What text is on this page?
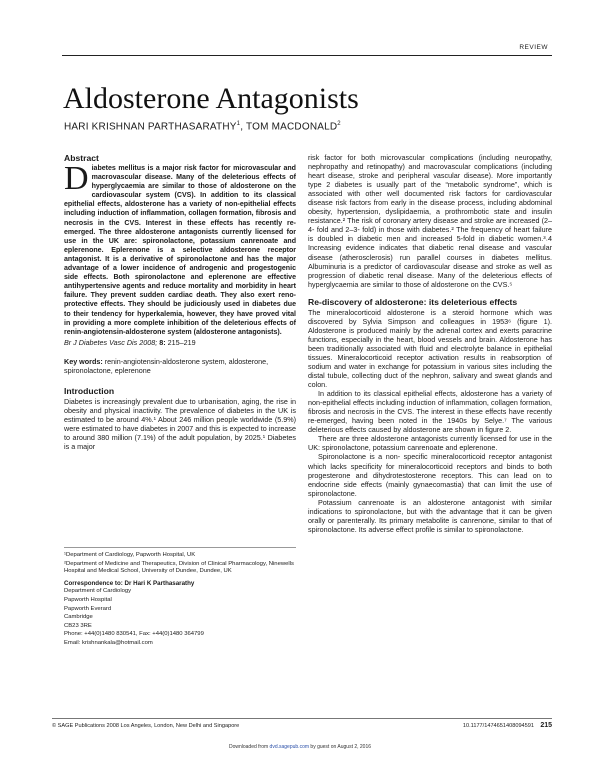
REVIEW
Aldosterone Antagonists
HARI KRISHNAN PARTHASARATHY$^1$, TOM MACDONALD$^2$
Abstract
Diabetes mellitus is a major risk factor for microvascular and macrovascular disease. Many of the deleterious effects of hyperglycaemia are similar to those of aldosterone on the cardiovascular system (CVS). In addition to its classical epithelial effects, aldosterone has a variety of non-epithelial effects including induction of inflammation, collagen formation, fibrosis and necrosis in the CVS. Interest in these effects has recently re-emerged. The three aldosterone antagonists currently licensed for use in the UK are: spironolactone, potassium canrenoate and eplerenone. Eplerenone is a selective aldosterone receptor antagonist. It is a derivative of spironolactone and has the major advantage of a lower incidence of androgenic and progestogenic side effects. Both spironolactone and eplerenone are effective antihypertensive agents and reduce mortality and morbidity in heart failure. They prevent sudden cardiac death. They also exert reno-protective effects. They should be judiciously used in diabetes due to their tendency for hyperkalemia, however, they have proved vital in providing a more complete inhibition of the deleterious effects of renin-angiotensin-aldosterone system (aldosterone antagonists).
Br J Diabetes Vasc Dis 2008; 8: 215–219
Key words: renin-angiotensin-aldosterone system, aldosterone, spironolactone, eplerenone
Introduction

Diabetes is increasingly prevalent due to urbanisation, aging, the rise in obesity and physical inactivity. The prevalence of diabetes in the UK is estimated to be around 4%.¹ About 246 million people worldwide (5.9%) were estimated to have diabetes in 2007 and this is expected to increase to around 380 million (7.1%) of the adult population, by 2025.¹ Diabetes is a major

¹Department of Cardiology, Papworth Hospital, UK

²Department of Medicine and Therapeutics, Division of Clinical Pharmacology, Ninewells Hospital and Medical School, University of Dundee, Dundee, UK

Correspondence to: Dr Hari K Parthasarathy

Department of Cardiology

Papworth Hospital

Papworth Everard

Cambridge

CB23 3RE

Phone: +44(0)1480 830541, Fax: +44(0)1480 364799

Email: krishnankala@hotmail.com

risk factor for both microvascular complications (including neuropathy, nephropathy and retinopathy) and macrovascular complications (including heart disease, stroke and peripheral vascular disease). More importantly type 2 diabetes is usually part of the “metabolic syndrome”, which is associated with other well documented risk factors for cardiovascular disease risk factors from early in the disease process, including abdominal obesity, hypertension, dyslipidaemia, a prothrombotic state and insulin resistance.² The risk of coronary artery disease and stroke are increased (2–4- fold and 2–3- fold) in those with diabetes.² The frequency of heart failure is doubled in diabetic men and increased 5-fold in diabetic women.³˒4 Increasing evidence indicates that diabetic renal disease and vascular disease (atherosclerosis) run parallel courses in diabetes mellitus. Albuminuria is a predictor of cardiovascular disease and stroke as well as progression of diabetic renal disease. Many of the deleterious effects of hyperglycaemia are similar to those of aldosterone on the CVS.⁵

Re-discovery of aldosterone: its deleterious effects

The mineralocorticoid aldosterone is a steroid hormone which was discovered by Sylvia Simpson and colleagues in 1953⁶ (figure 1). Aldosterone is produced mainly by the adrenal cortex and exerts paracrine functions, especially in the heart, blood vessels and brain. Aldosterone has been traditionally associated with fluid and electrolyte balance in epithelial tissues. Mineralocorticoid receptor activation results in reabsorption of sodium and water in exchange for potassium in various sites including the distal tubule, collecting duct of the nephron, salivary and sweat glands and colon.

In addition to its classical epithelial effects, aldosterone has a variety of non-epithelial effects including induction of inflammation, collagen formation, fibrosis and necrosis in the CVS. The interest in these effects have recently re-emerged, having been noted in the 1940s by Selye.⁷ The various deleterious effects caused by aldosterone are shown in figure 2.

There are three aldosterone antagonists currently licensed for use in the UK: spironolactone, potassium canrenoate and eplerenone.

Spironolactone is a non- specific mineralocorticoid receptor antagonist which lacks specificity for mineralocorticoid receptors and binds to both progesterone and dihydrotestosterone receptors. This can lead on to endocrine side effects (mainly gynaecomastia) that can limit the use of spironolactone.

Potassium canrenoate is an aldosterone antagonist with similar indications to spironolactone, but with the advantage that it can be given orally or parenterally. Its primary metabolite is canrenone, similar to that of spironolactone. Its adverse effect profile is similar to spironolactone.

© SAGE Publications 2008 Los Angeles, London, New Delhi and Singapore	10.1177/1474651408094591 215
Downloaded from dvd.sagepub.com by guest on August 2, 2016
